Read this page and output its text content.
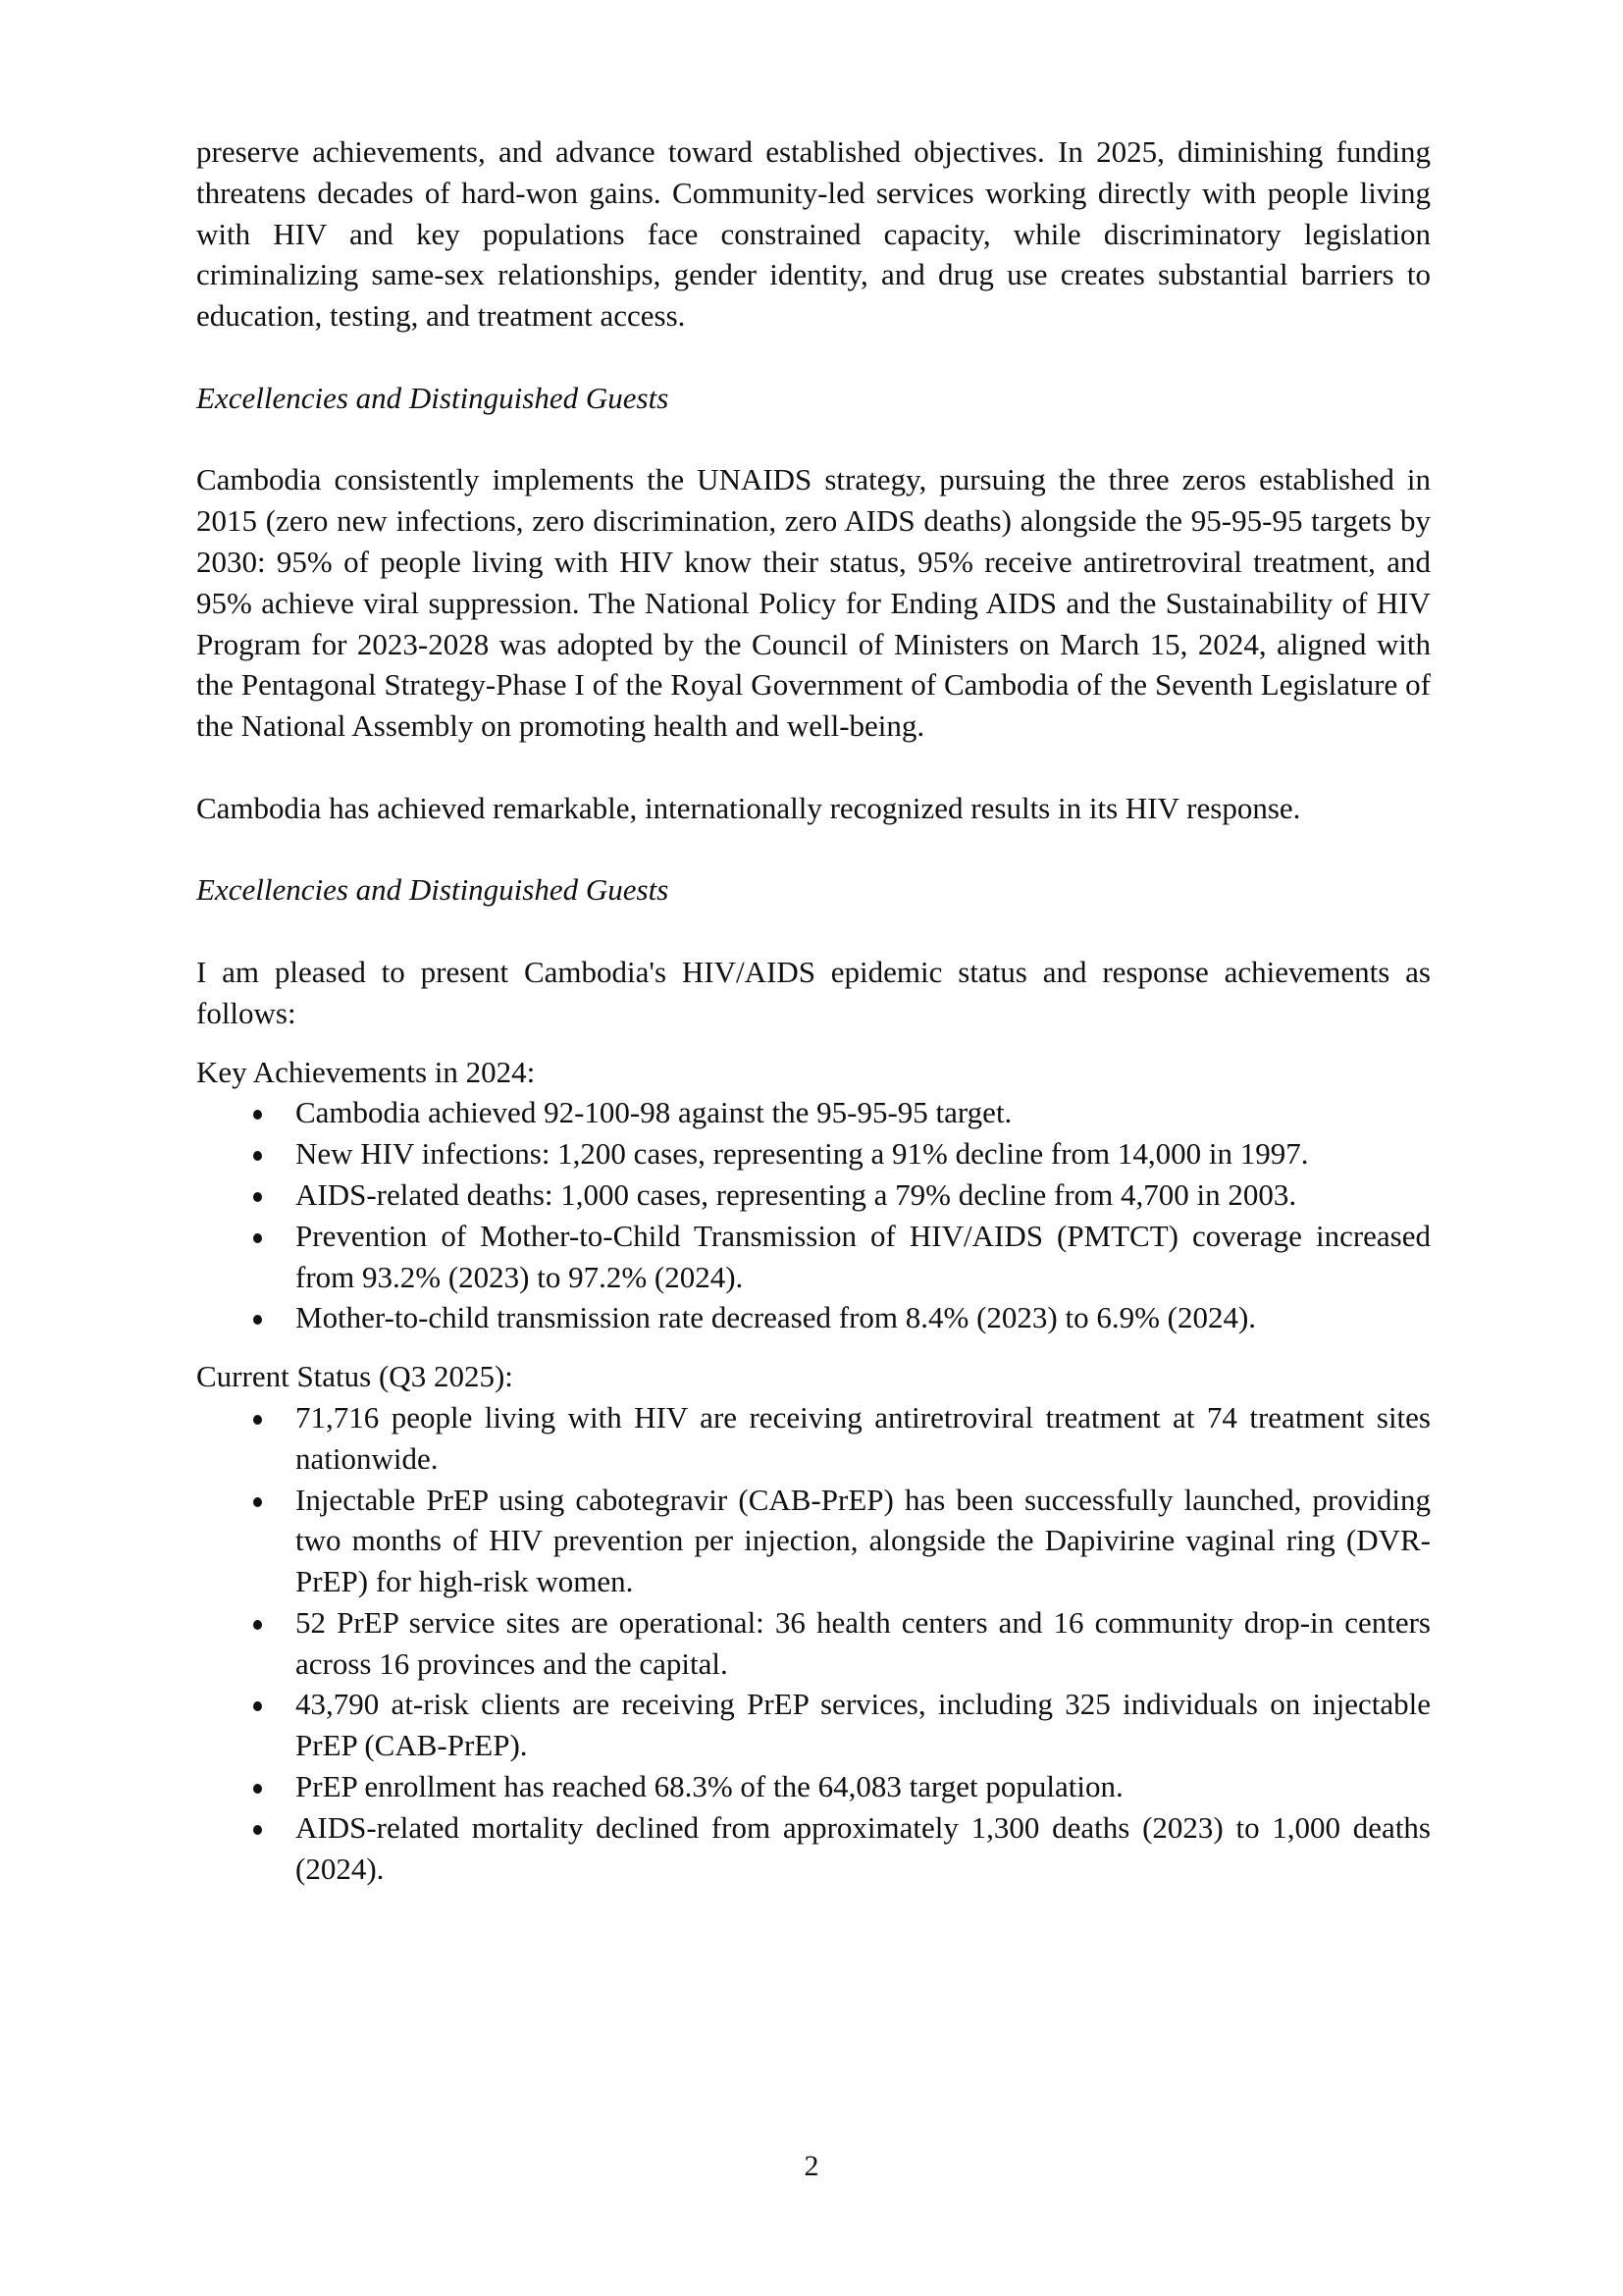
preserve achievements, and advance toward established objectives. In 2025, diminishing funding threatens decades of hard-won gains. Community-led services working directly with people living with HIV and key populations face constrained capacity, while discriminatory legislation criminalizing same-sex relationships, gender identity, and drug use creates substantial barriers to education, testing, and treatment access.

Excellencies and Distinguished Guests

Cambodia consistently implements the UNAIDS strategy, pursuing the three zeros established in 2015 (zero new infections, zero discrimination, zero AIDS deaths) alongside the 95-95-95 targets by 2030: 95% of people living with HIV know their status, 95% receive antiretroviral treatment, and 95% achieve viral suppression. The National Policy for Ending AIDS and the Sustainability of HIV Program for 2023-2028 was adopted by the Council of Ministers on March 15, 2024, aligned with the Pentagonal Strategy-Phase I of the Royal Government of Cambodia of the Seventh Legislature of the National Assembly on promoting health and well-being.

Cambodia has achieved remarkable, internationally recognized results in its HIV response.

Excellencies and Distinguished Guests

I am pleased to present Cambodia's HIV/AIDS epidemic status and response achievements as follows:

Key Achievements in 2024:

Cambodia achieved 92-100-98 against the 95-95-95 target.
New HIV infections: 1,200 cases, representing a 91% decline from 14,000 in 1997.
AIDS-related deaths: 1,000 cases, representing a 79% decline from 4,700 in 2003.
Prevention of Mother-to-Child Transmission of HIV/AIDS (PMTCT) coverage increased from 93.2% (2023) to 97.2% (2024).
Mother-to-child transmission rate decreased from 8.4% (2023) to 6.9% (2024).

Current Status (Q3 2025):

71,716 people living with HIV are receiving antiretroviral treatment at 74 treatment sites nationwide.
Injectable PrEP using cabotegravir (CAB-PrEP) has been successfully launched, providing two months of HIV prevention per injection, alongside the Dapivirine vaginal ring (DVR-PrEP) for high-risk women.
52 PrEP service sites are operational: 36 health centers and 16 community drop-in centers across 16 provinces and the capital.
43,790 at-risk clients are receiving PrEP services, including 325 individuals on injectable PrEP (CAB-PrEP).
PrEP enrollment has reached 68.3% of the 64,083 target population.
AIDS-related mortality declined from approximately 1,300 deaths (2023) to 1,000 deaths (2024).
2
